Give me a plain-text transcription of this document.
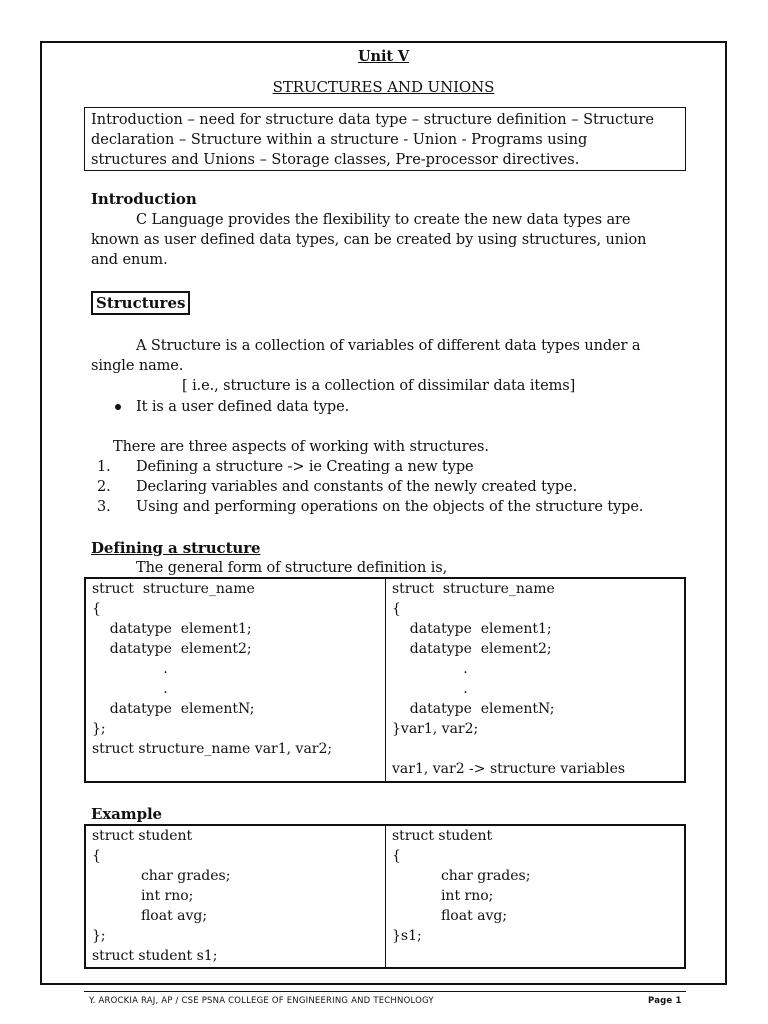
Unit V
STRUCTURES AND UNIONS

Introduction – need for structure data type – structure definition – Structure

declaration – Structure within a structure - Union - Programs using

structures and Unions – Storage classes, Pre-processor directives.

Introduction
C Language provides the flexibility to create the new data types are
known as user defined data types, can be created by using structures, union
and enum.
Structures
A Structure is a collection of variables of different data types under a
single name.
[ i.e., structure is a collection of dissimilar data items]
It is a user defined data type.
There are three aspects of working with structures.
1. Defining a structure -> ie Creating a new type
2. Declaring variables and constants of the newly created type.
3. Using and performing operations on the objects of the structure type.
Defining a structure
The general form of structure definition is,
struct  structure_name
{
datatype  element1;
datatype  element2;
.
.
datatype  elementN;
};
struct structure_name var1, var2;

struct  structure_name
{
datatype  element1;
datatype  element2;
.
.
datatype  elementN;
}var1, var2;
var1, var2 -> structure variables
Example
struct student
{
char grades;
int rno;
float avg;
};
struct student s1;

struct student
{
char grades;
int rno;
float avg;
}s1;
Y. AROCKIA RAJ, AP / CSE PSNA COLLEGE OF ENGINEERING AND TECHNOLOGY	Page 1
